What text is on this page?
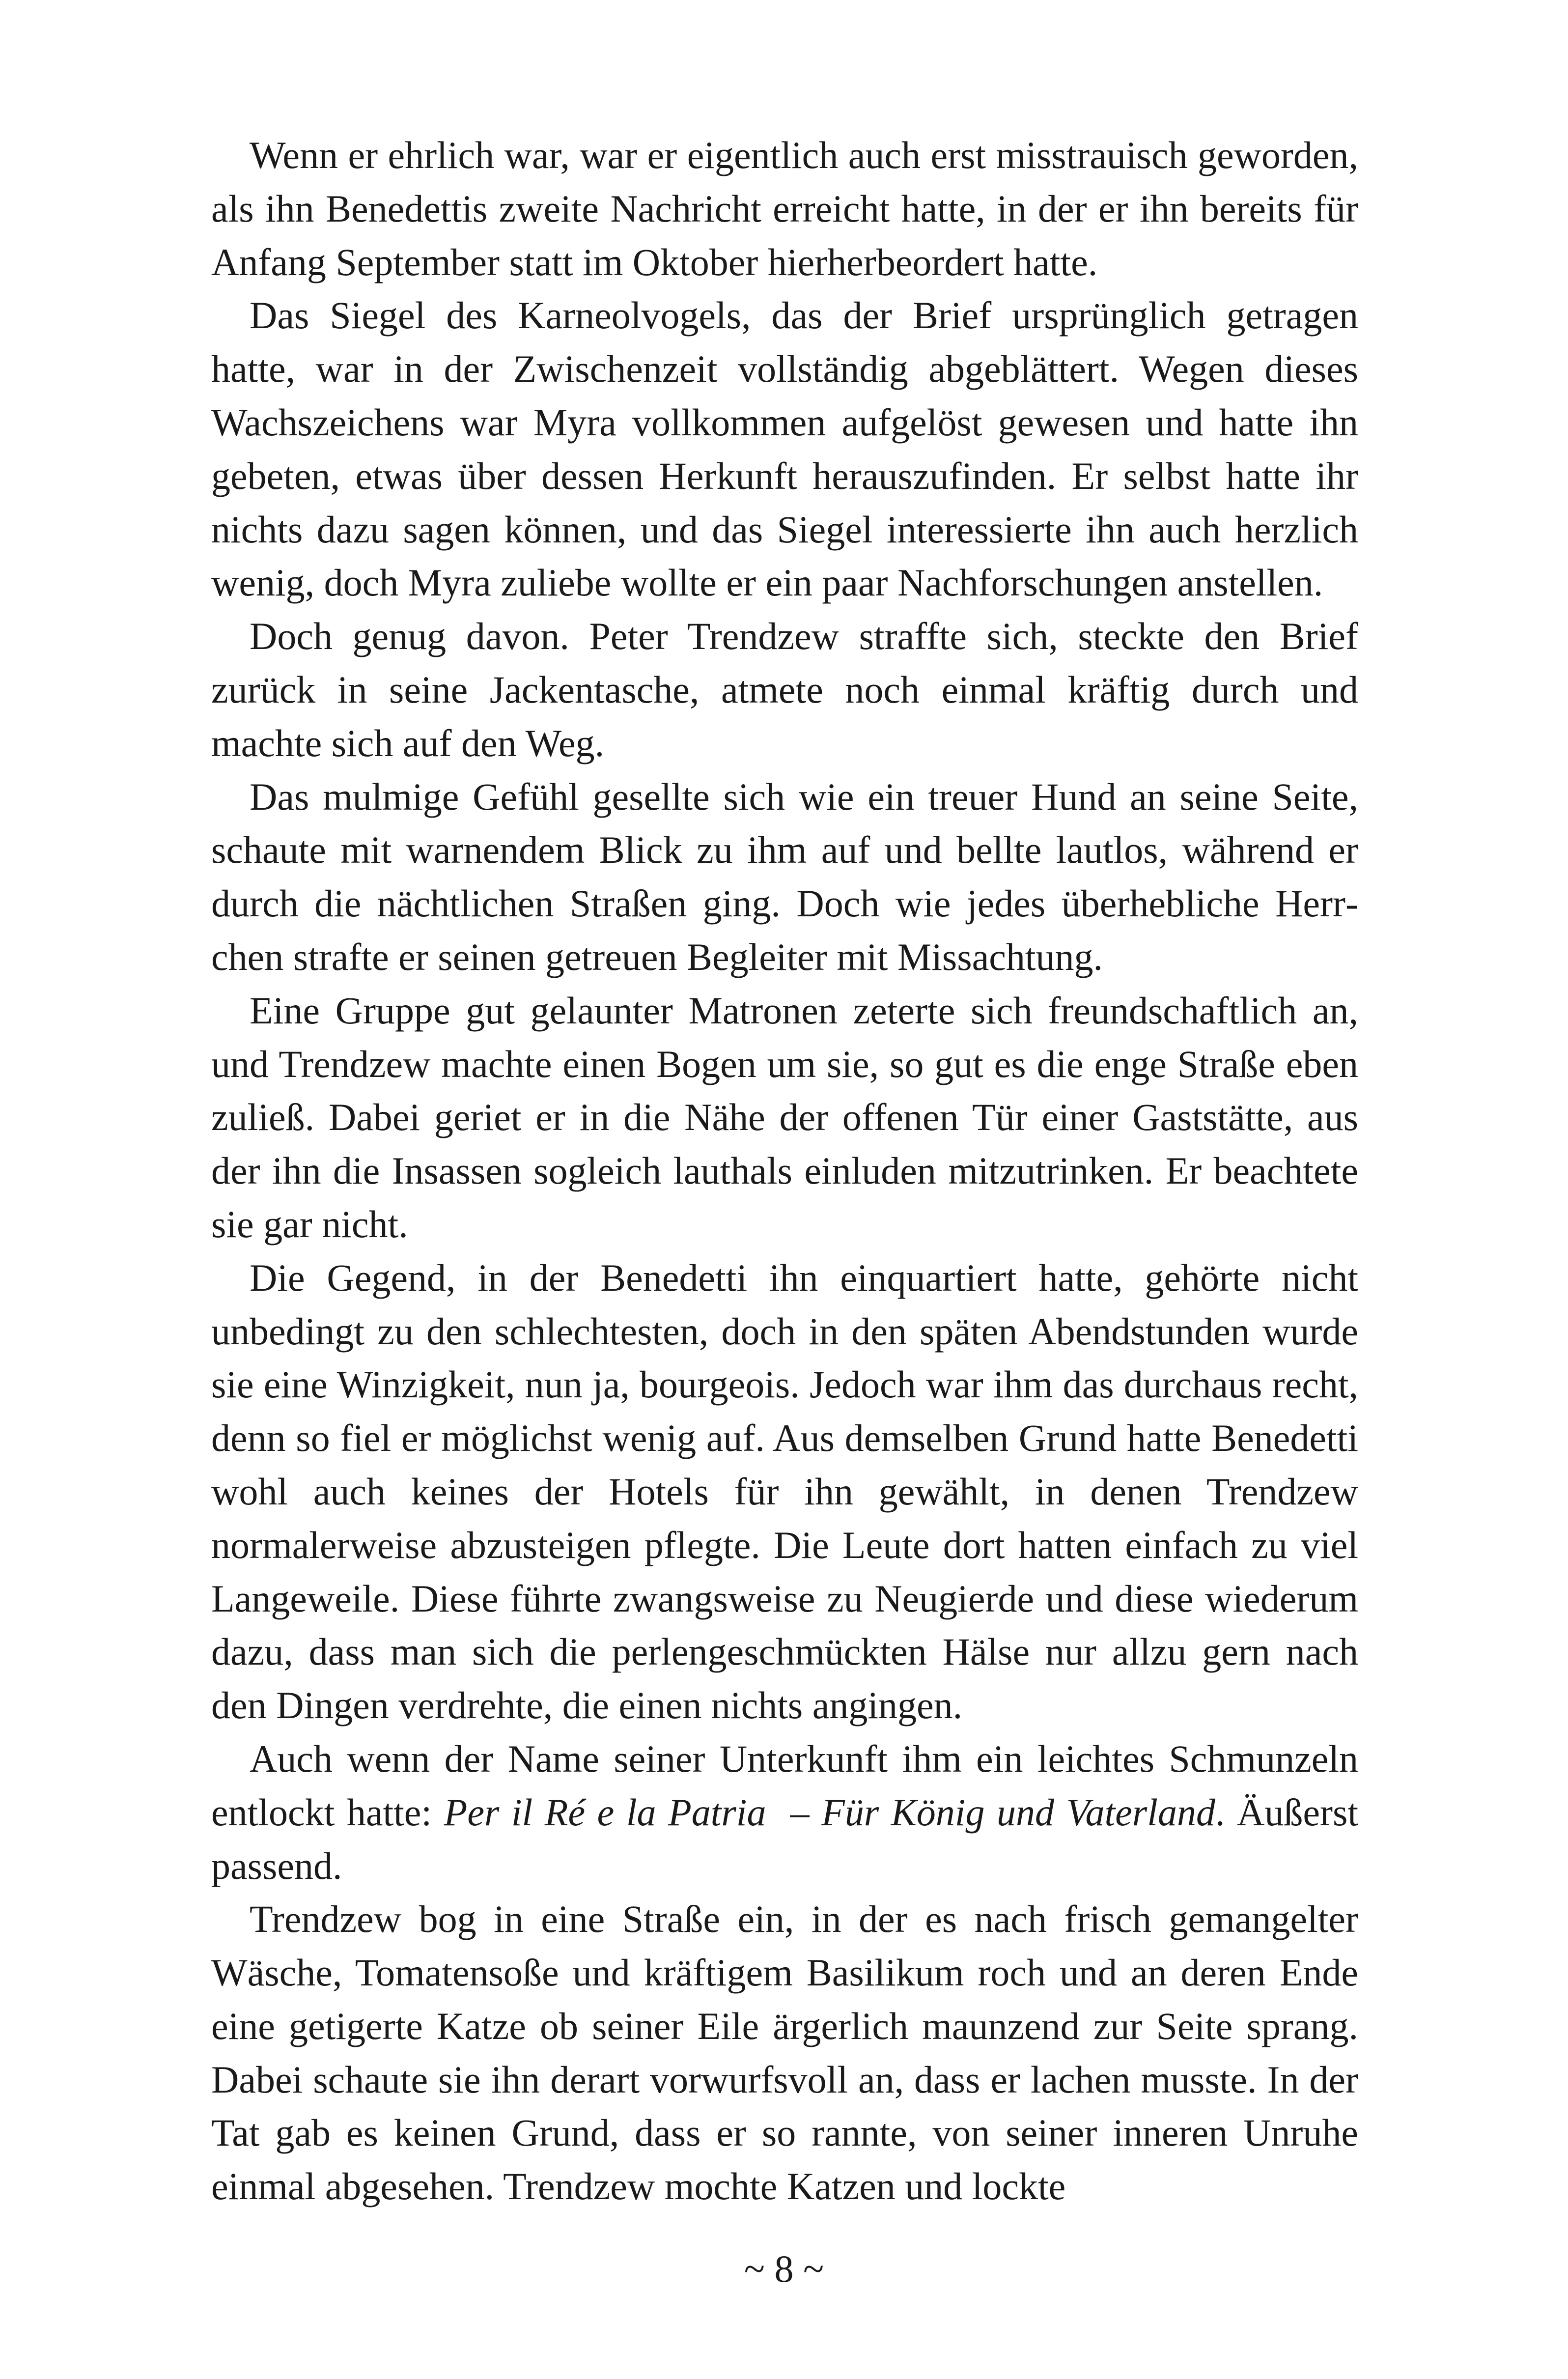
Wenn er ehrlich war, war er eigentlich auch erst misstrauisch geworden, als ihn Benedettis zweite Nachricht erreicht hatte, in der er ihn bereits für Anfang September statt im Oktober hierherbeordert hatte.

Das Siegel des Karneolvogels, das der Brief ursprünglich getragen hatte, war in der Zwischenzeit vollständig abgeblättert. Wegen dieses Wachszeichens war Myra vollkommen aufgelöst gewesen und hatte ihn gebeten, etwas über dessen Herkunft herauszufinden. Er selbst hatte ihr nichts dazu sagen können, und das Siegel interessierte ihn auch herzlich wenig, doch Myra zuliebe wollte er ein paar Nachforschungen anstellen.

Doch genug davon. Peter Trendzew straffte sich, steckte den Brief zurück in seine Jackentasche, atmete noch einmal kräftig durch und machte sich auf den Weg.

Das mulmige Gefühl gesellte sich wie ein treuer Hund an seine Seite, schaute mit warnendem Blick zu ihm auf und bellte lautlos, während er durch die nächtlichen Straßen ging. Doch wie jedes überhebliche Herrchen strafte er seinen getreuen Begleiter mit Missachtung.

Eine Gruppe gut gelaunter Matronen zeterte sich freundschaftlich an, und Trendzew machte einen Bogen um sie, so gut es die enge Straße eben zuließ. Dabei geriet er in die Nähe der offenen Tür einer Gaststätte, aus der ihn die Insassen sogleich lauthals einluden mitzutrinken. Er beachtete sie gar nicht.

Die Gegend, in der Benedetti ihn einquartiert hatte, gehörte nicht unbedingt zu den schlechtesten, doch in den späten Abendstunden wurde sie eine Winzigkeit, nun ja, bourgeois. Jedoch war ihm das durchaus recht, denn so fiel er möglichst wenig auf. Aus demselben Grund hatte Benedetti wohl auch keines der Hotels für ihn gewählt, in denen Trendzew normalerweise abzusteigen pflegte. Die Leute dort hatten einfach zu viel Langeweile. Diese führte zwangsweise zu Neugierde und diese wiederum dazu, dass man sich die perlengeschmückten Hälse nur allzu gern nach den Dingen verdrehte, die einen nichts angingen.

Auch wenn der Name seiner Unterkunft ihm ein leichtes Schmunzeln entlockt hatte: Per il Ré e la Patria  – Für König und Vaterland. Äußerst passend.

Trendzew bog in eine Straße ein, in der es nach frisch gemangelter Wäsche, Tomatensoße und kräftigem Basilikum roch und an deren Ende eine getigerte Katze ob seiner Eile ärgerlich maunzend zur Seite sprang. Dabei schaute sie ihn derart vorwurfsvoll an, dass er lachen musste. In der Tat gab es keinen Grund, dass er so rannte, von seiner inneren Unruhe einmal abgesehen. Trendzew mochte Katzen und lockte

~ 8 ~
